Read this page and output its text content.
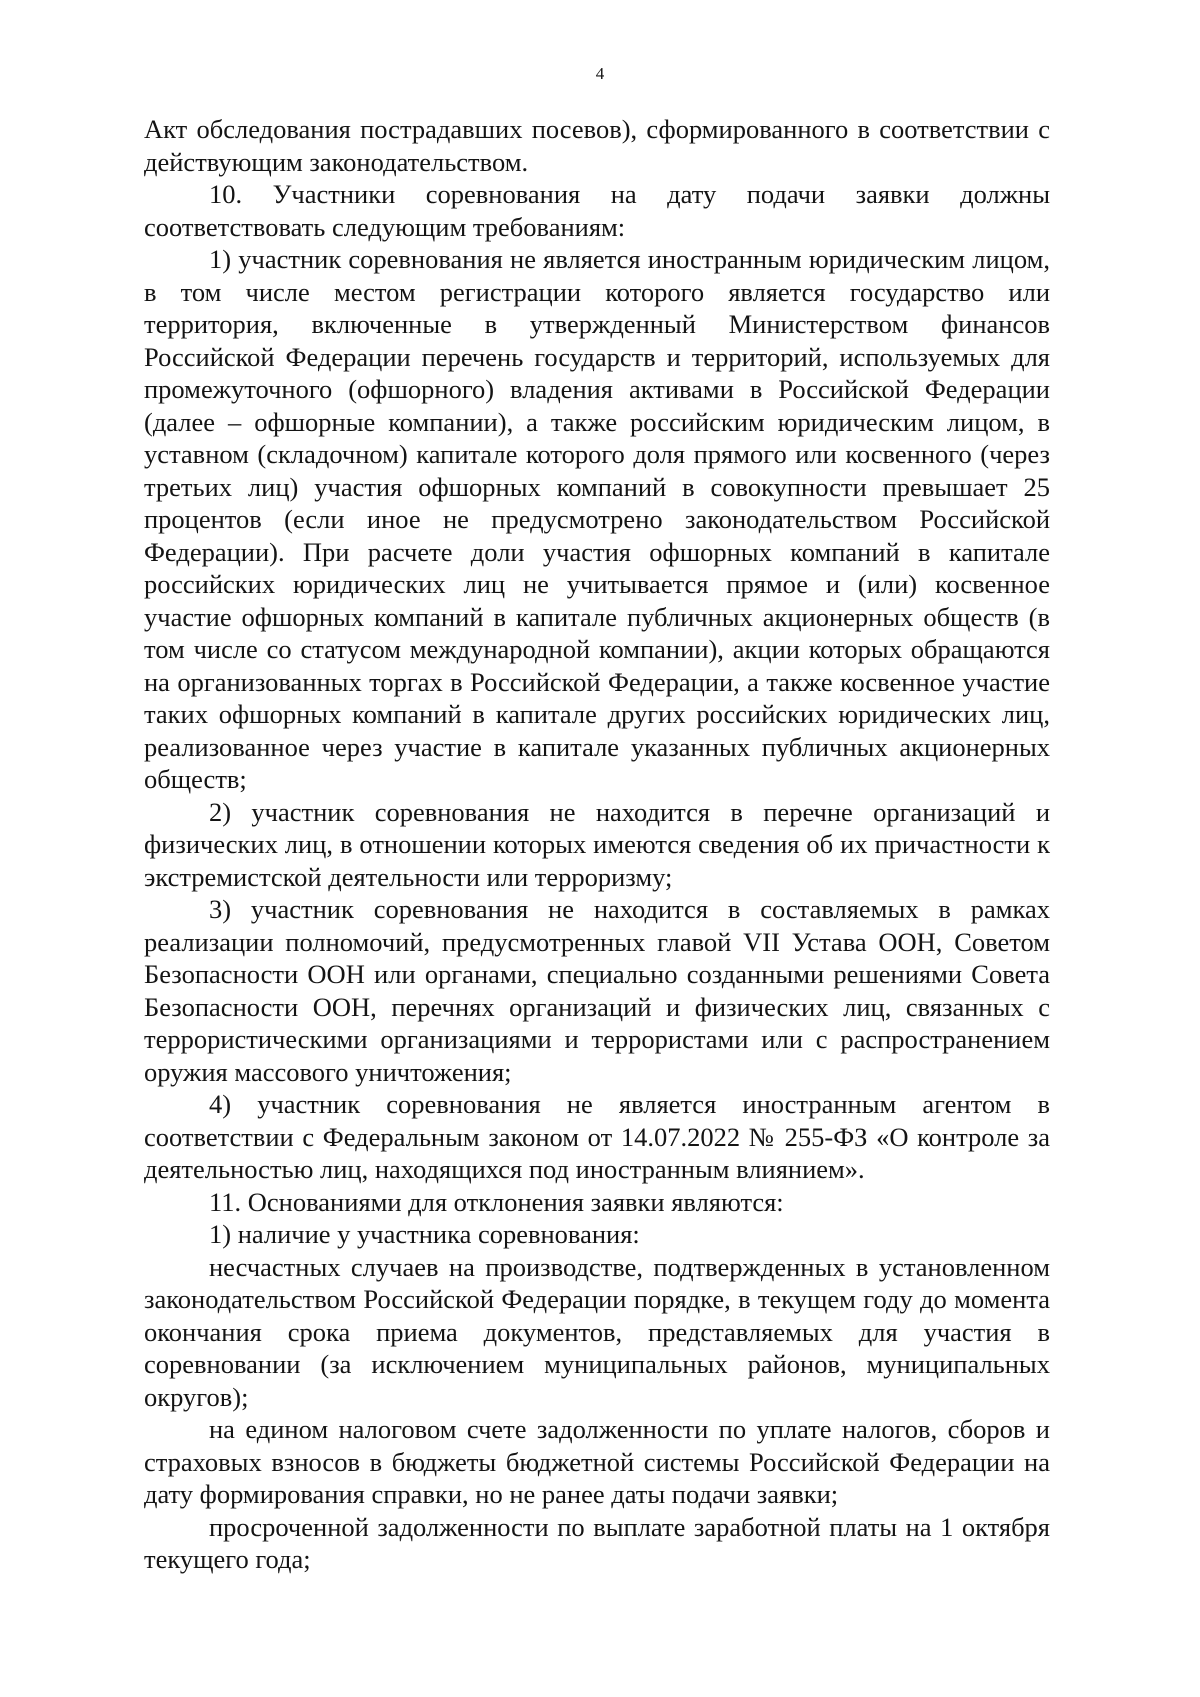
4

Акт обследования пострадавших посевов), сформированного в соответствии с действующим законодательством.

10. Участники соревнования на дату подачи заявки должны соответствовать следующим требованиям:

1) участник соревнования не является иностранным юридическим лицом, в том числе местом регистрации которого является государство или территория, включенные в утвержденный Министерством финансов Российской Федерации перечень государств и территорий, используемых для промежуточного (офшорного) владения активами в Российской Федерации (далее – офшорные компании), а также российским юридическим лицом, в уставном (складочном) капитале которого доля прямого или косвенного (через третьих лиц) участия офшорных компаний в совокупности превышает 25 процентов (если иное не предусмотрено законодательством Российской Федерации). При расчете доли участия офшорных компаний в капитале российских юридических лиц не учитывается прямое и (или) косвенное участие офшорных компаний в капитале публичных акционерных обществ (в том числе со статусом международной компании), акции которых обращаются на организованных торгах в Российской Федерации, а также косвенное участие таких офшорных компаний в капитале других российских юридических лиц, реализованное через участие в капитале указанных публичных акционерных обществ;

2) участник соревнования не находится в перечне организаций и физических лиц, в отношении которых имеются сведения об их причастности к экстремистской деятельности или терроризму;

3) участник соревнования не находится в составляемых в рамках реализации полномочий, предусмотренных главой VII Устава ООН, Советом Безопасности ООН или органами, специально созданными решениями Совета Безопасности ООН, перечнях организаций и физических лиц, связанных с террористическими организациями и террористами или с распространением оружия массового уничтожения;

4) участник соревнования не является иностранным агентом в соответствии с Федеральным законом от 14.07.2022 № 255-ФЗ «О контроле за деятельностью лиц, находящихся под иностранным влиянием».

11. Основаниями для отклонения заявки являются:

1) наличие у участника соревнования:

несчастных случаев на производстве, подтвержденных в установленном законодательством Российской Федерации порядке, в текущем году до момента окончания срока приема документов, представляемых для участия в соревновании (за исключением муниципальных районов, муниципальных округов);

на едином налоговом счете задолженности по уплате налогов, сборов и страховых взносов в бюджеты бюджетной системы Российской Федерации на дату формирования справки, но не ранее даты подачи заявки;

просроченной задолженности по выплате заработной платы на 1 октября текущего года;
